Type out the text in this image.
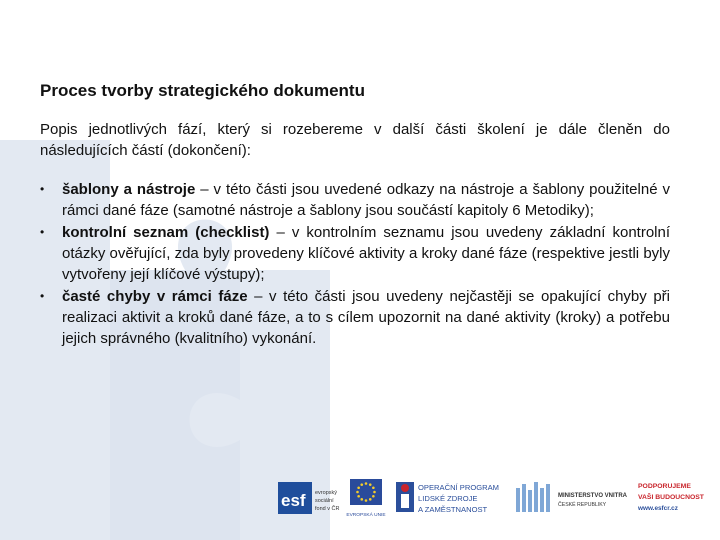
Proces tvorby strategického dokumentu

Popis jednotlivých fází, který si rozebereme v další části školení je dále členěn do následujících částí (dokončení):

• šablony a nástroje – v této části jsou uvedené odkazy na nástroje a šablony použitelné v rámci dané fáze (samotné nástroje a šablony jsou součástí kapitoly 6 Metodiky);
• kontrolní seznam (checklist) – v kontrolním seznamu jsou uvedeny základní kontrolní otázky ověřující, zda byly provedeny klíčové aktivity a kroky dané fáze (respektive jestli byly vytvořeny její klíčové výstupy);
• časté chyby v rámci fáze – v této části jsou uvedeny nejčastěji se opakující chyby při realizaci aktivit a kroků dané fáze, a to s cílem upozornit na dané aktivity (kroky) a potřebu jejich správného (kvalitního) vykonání.
esf evropský
sociální
fond v ČR
EVROPSKÁ UNIE
OPERAČNÍ PROGRAM
LIDSKÉ ZDROJE
A ZAMĚSTNANOST
MINISTERSTVO VNITRA
ČESKÉ REPUBLIKY
PODPORUJEME
VAŠI BUDOUCNOST
www.esfcr.cz
